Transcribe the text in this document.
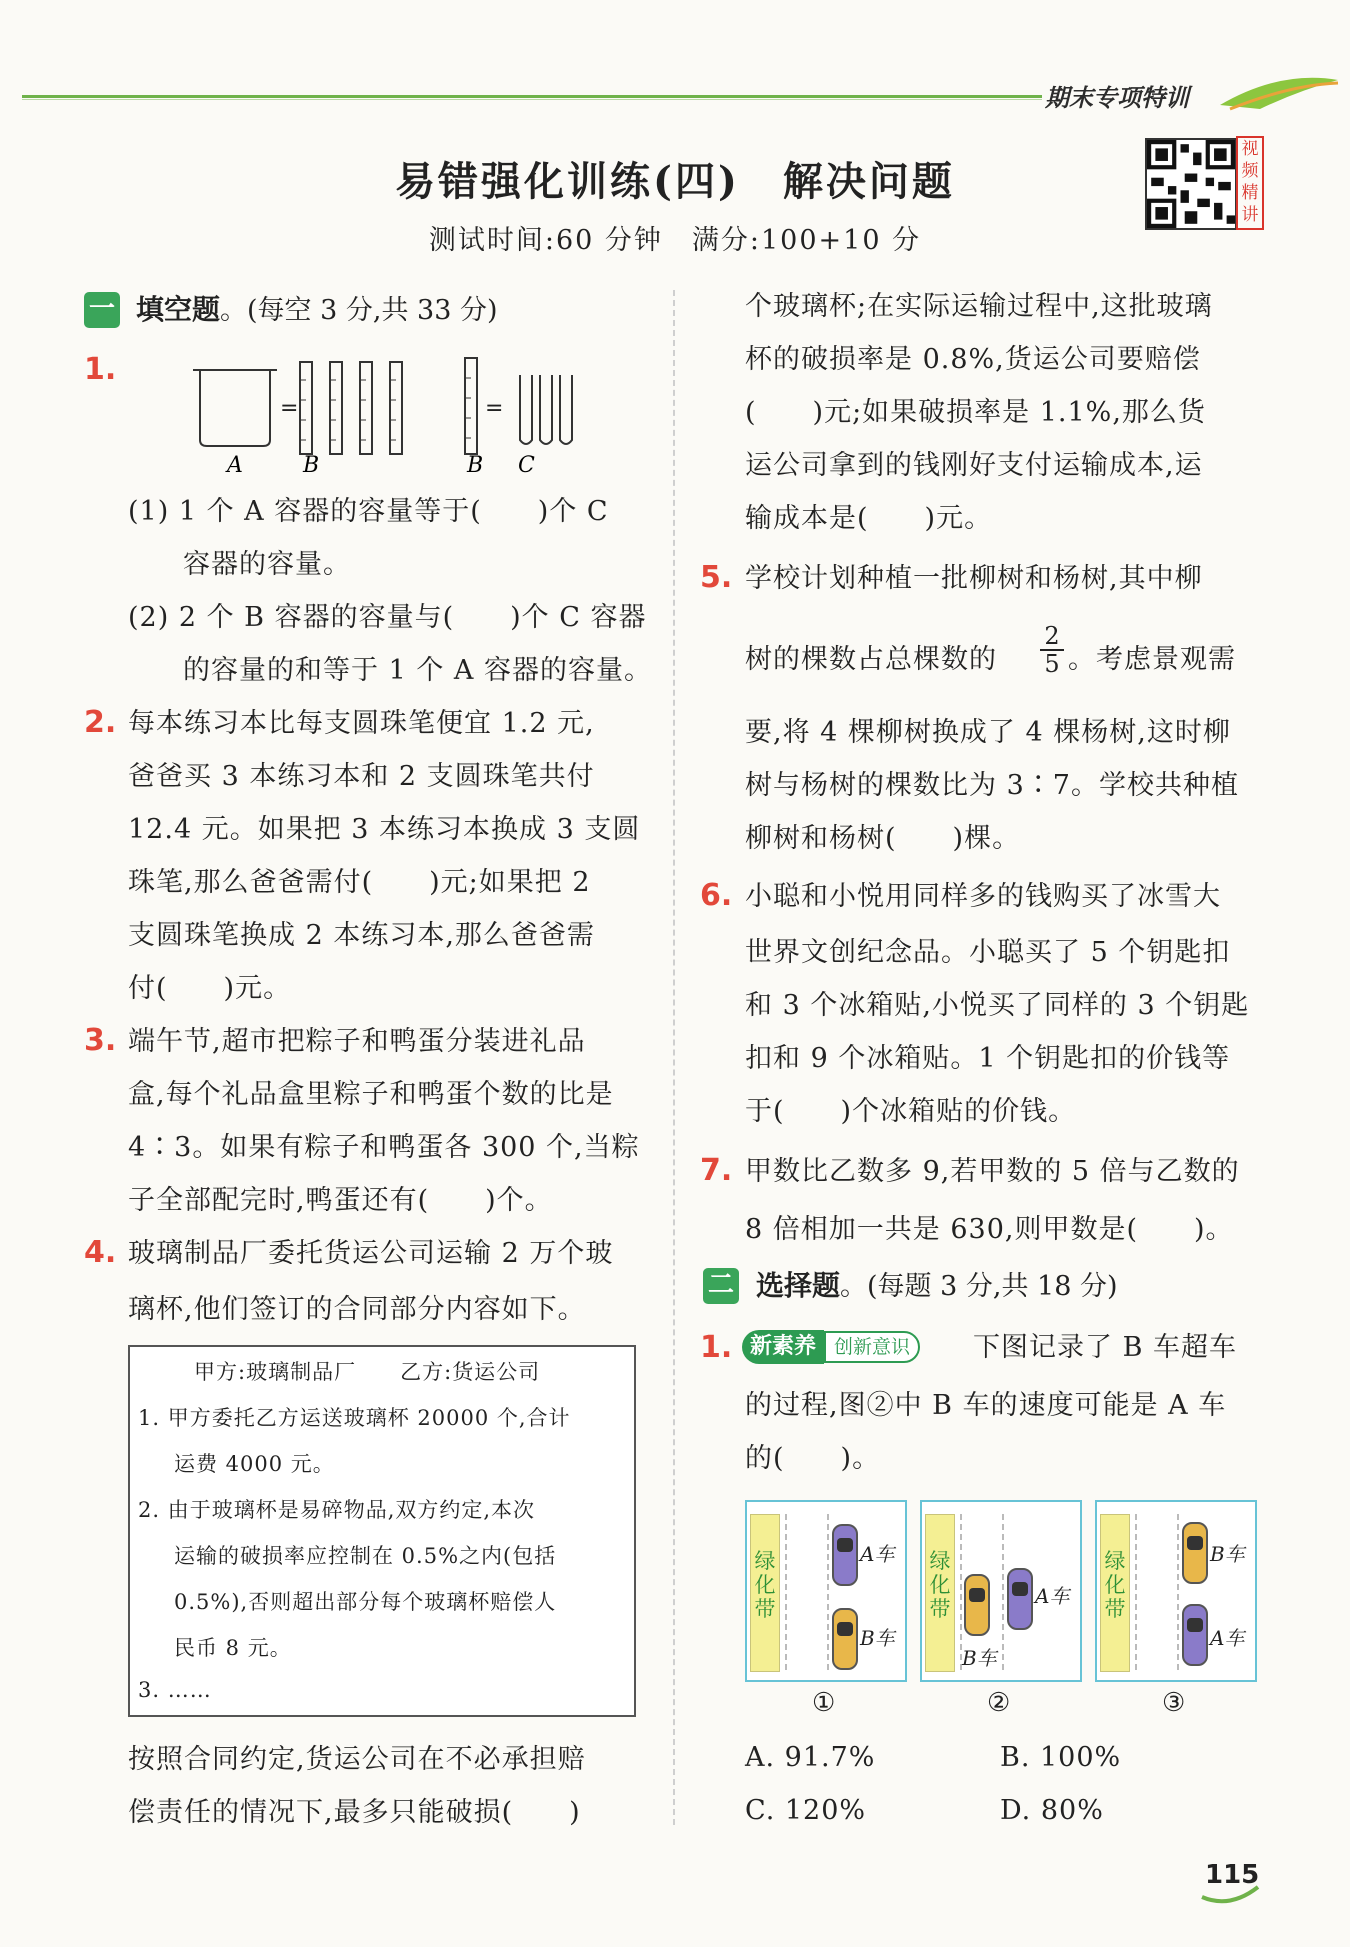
期末专项特训
易错强化训练(四)　解决问题
测试时间:60 分钟　满分:100+10 分
视频精讲
一 填空题。(每空 3 分,共 33 分)
1.
=	=
A	B	B C
(1) 1 个 A 容器的容量等于(　　)个 C
容器的容量。
(2) 2 个 B 容器的容量与(　　)个 C 容器
的容量的和等于 1 个 A 容器的容量。
2. 每本练习本比每支圆珠笔便宜 1.2 元,
爸爸买 3 本练习本和 2 支圆珠笔共付
12.4 元。如果把 3 本练习本换成 3 支圆
珠笔,那么爸爸需付(　　)元;如果把 2
支圆珠笔换成 2 本练习本,那么爸爸需
付(　　)元。
3. 端午节,超市把粽子和鸭蛋分装进礼品
盒,每个礼品盒里粽子和鸭蛋个数的比是
4∶3。如果有粽子和鸭蛋各 300 个,当粽
子全部配完时,鸭蛋还有(　　)个。
4. 玻璃制品厂委托货运公司运输 2 万个玻
璃杯,他们签订的合同部分内容如下。
甲方:玻璃制品厂　　乙方:货运公司
1. 甲方委托乙方运送玻璃杯 20000 个,合计
运费 4000 元。
2. 由于玻璃杯是易碎物品,双方约定,本次
运输的破损率应控制在 0.5%之内(包括
0.5%),否则超出部分每个玻璃杯赔偿人
民币 8 元。
3. ……
按照合同约定,货运公司在不必承担赔
偿责任的情况下,最多只能破损(　　)
个玻璃杯;在实际运输过程中,这批玻璃
杯的破损率是 0.8%,货运公司要赔偿
(　　)元;如果破损率是 1.1%,那么货
运公司拿到的钱刚好支付运输成本,运
输成本是(　　)元。
5. 学校计划种植一批柳树和杨树,其中柳
树的棵数占总棵数的
2
5 。考虑景观需
要,将 4 棵柳树换成了 4 棵杨树,这时柳
树与杨树的棵数比为 3∶7。学校共种植
柳树和杨树(　　)棵。
6. 小聪和小悦用同样多的钱购买了冰雪大
世界文创纪念品。小聪买了 5 个钥匙扣
和 3 个冰箱贴,小悦买了同样的 3 个钥匙
扣和 9 个冰箱贴。1 个钥匙扣的价钱等
于(　　)个冰箱贴的价钱。
7. 甲数比乙数多 9,若甲数的 5 倍与乙数的
8 倍相加一共是 630,则甲数是(　　)。
二 选择题。(每题 3 分,共 18 分)
1. 新素养 创新意识	下图记录了 B 车超车
的过程,图②中 B 车的速度可能是 A 车
的(　　)。
绿化带
A车
B车
绿化带
B车
A车
绿化带
B车
A车
①	②	③
A. 91.7%	B. 100%
C. 120%	D. 80%
115
